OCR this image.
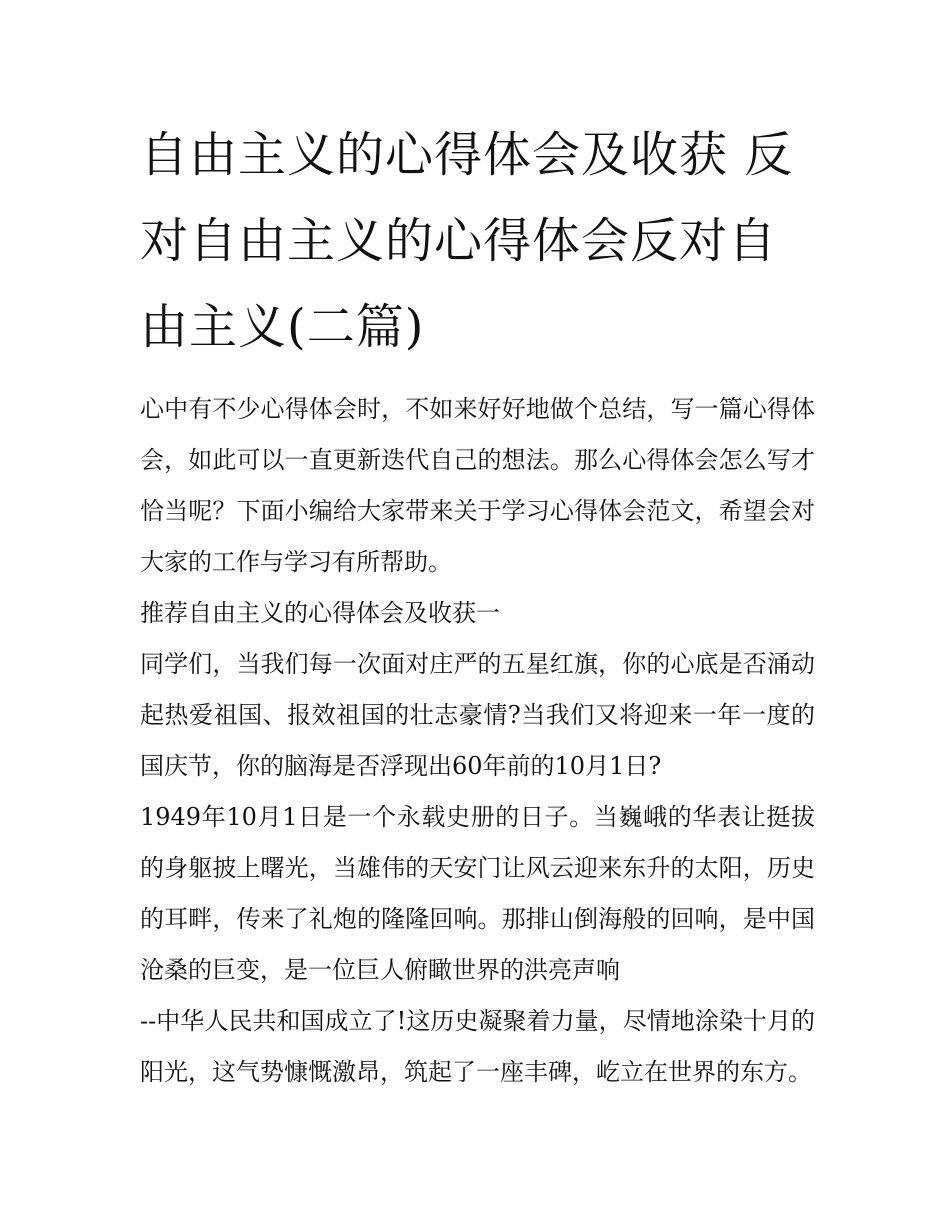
自由主义的心得体会及收获 反对自由主义的心得体会反对自由主义(二篇)

心中有不少心得体会时，不如来好好地做个总结，写一篇心得体会，如此可以一直更新迭代自己的想法。那么心得体会怎么写才恰当呢？下面小编给大家带来关于学习心得体会范文，希望会对大家的工作与学习有所帮助。

推荐自由主义的心得体会及收获一

同学们，当我们每一次面对庄严的五星红旗，你的心底是否涌动起热爱祖国、报效祖国的壮志豪情?当我们又将迎来一年一度的国庆节，你的脑海是否浮现出60年前的10月1日?

1949年10月1日是一个永载史册的日子。当巍峨的华表让挺拔的身躯披上曙光，当雄伟的天安门让风云迎来东升的太阳，历史的耳畔，传来了礼炮的隆隆回响。那排山倒海般的回响，是中国沧桑的巨变，是一位巨人俯瞰世界的洪亮声响

--中华人民共和国成立了!这历史凝聚着力量，尽情地涂染十月的阳光，这气势慷慨激昂，筑起了一座丰碑，屹立在世界的东方。
